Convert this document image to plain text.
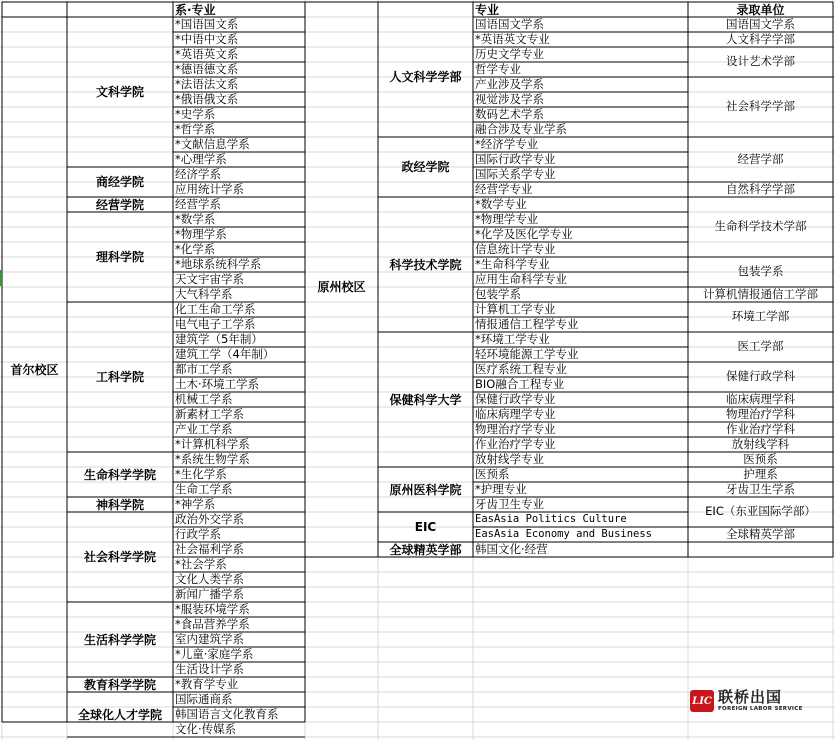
系·专业
首尔校区
*国语国文系
*中语中文系
*英语英文系
*德语德文系
*法语法文系
*俄语俄文系
*史学系
*哲学系
*文献信息学系
*心理学系
文科学院
经济学系
应用统计学系
商经学院
经营学系
经营学院
*数学系
*物理学系
*化学系
*地球系统科学系
天文宇宙学系
大气科学系
理科学院
化工生命工学系
电气电子工学系
建筑学（5年制）
建筑工学（4年制）
都市工学系
土木·环境工学系
机械工学系
新素材工学系
产业工学系
*计算机科学系
工科学院
*系统生物学系
*生化学系
生命工学系
生命科学学院
*神学系
神科学院
政治外交学系
行政学系
社会福利学系
*社会学系
文化人类学系
新闻广播学系
社会科学学院
*服装环境学系
*食品营养学系
室内建筑学系
*儿童·家庭学系
生活设计学系
生活科学学院
*教育学专业
教育科学学院
国际通商系
韩国语言文化教育系
文化·传媒系
全球化人才学院
专业	录取单位
原州校区
国语国文学系
*英语英文专业
历史文学专业
哲学专业
产业涉及学系
视觉涉及学系
数码艺术学系
融合涉及专业学系
人文科学学部
*经济学专业
国际行政学专业
国际关系学专业
经营学专业
政经学院
*数学专业
*物理学专业
*化学及医化学专业
信息统计学专业
*生命科学专业
应用生命科学专业
包装学系
计算机工学专业
情报通信工程学专业
科学技术学院
*环境工学专业
轻环境能源工学专业
医疗系统工程专业
BIO融合工程专业
保健行政学专业
临床病理学专业
物理治疗学专业
作业治疗学专业
放射线学专业
保健科学大学
医预系
*护理专业
牙齿卫生专业
原州医科学院
EasAsia Politics Culture
EasAsia Economy and Business
EIC
韩国文化·经营
全球精英学部
国语国文学系
人文科学学部
设计艺术学部
社会科学学部
经营学部
自然科学学部
生命科学技术学部
包装学系
计算机情报通信工学部
环境工学部
医工学部
保健行政学科
临床病理学科
物理治疗学科
作业治疗学科
放射线学科
医预系
护理系
牙齿卫生学系
EIC（东亚国际学部）
全球精英学部
LIC 联桥出国
FOREIGN LABOR SERVICE
